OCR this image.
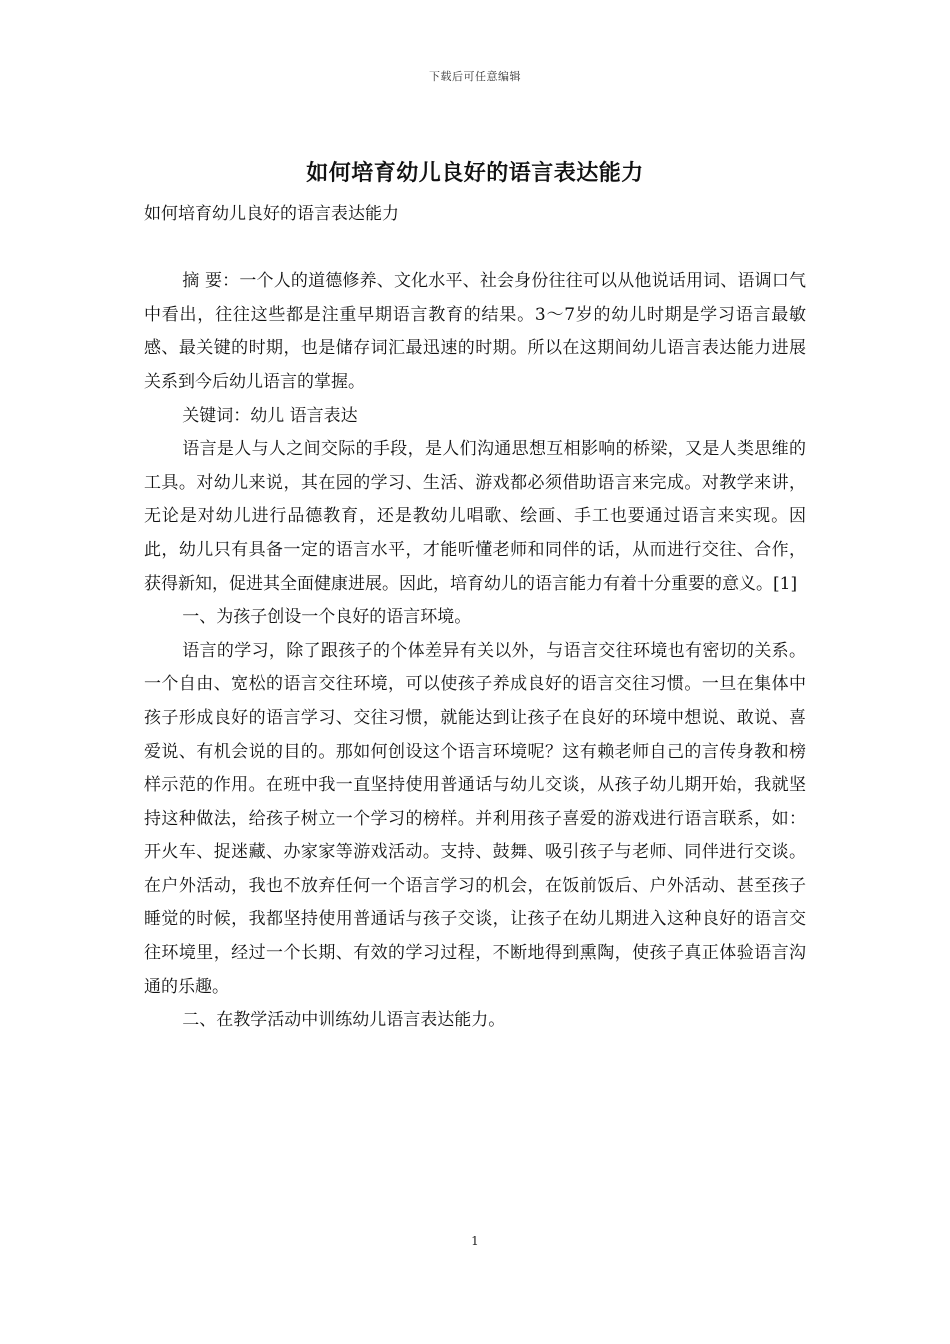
下载后可任意编辑
如何培育幼儿良好的语言表达能力

如何培育幼儿良好的语言表达能力

摘 要：一个人的道德修养、文化水平、社会身份往往可以从他说话用词、语调口气中看出，往往这些都是注重早期语言教育的结果。3～7岁的幼儿时期是学习语言最敏感、最关键的时期，也是储存词汇最迅速的时期。所以在这期间幼儿语言表达能力进展关系到今后幼儿语言的掌握。

关键词：幼儿 语言表达

语言是人与人之间交际的手段，是人们沟通思想互相影响的桥梁，又是人类思维的工具。对幼儿来说，其在园的学习、生活、游戏都必须借助语言来完成。对教学来讲，无论是对幼儿进行品德教育，还是教幼儿唱歌、绘画、手工也要通过语言来实现。因此，幼儿只有具备一定的语言水平，才能听懂老师和同伴的话，从而进行交往、合作，获得新知，促进其全面健康进展。因此，培育幼儿的语言能力有着十分重要的意义。[1]

一、为孩子创设一个良好的语言环境。

语言的学习，除了跟孩子的个体差异有关以外，与语言交往环境也有密切的关系。一个自由、宽松的语言交往环境，可以使孩子养成良好的语言交往习惯。一旦在集体中孩子形成良好的语言学习、交往习惯，就能达到让孩子在良好的环境中想说、敢说、喜爱说、有机会说的目的。那如何创设这个语言环境呢？这有赖老师自己的言传身教和榜样示范的作用。在班中我一直坚持使用普通话与幼儿交谈，从孩子幼儿期开始，我就坚持这种做法，给孩子树立一个学习的榜样。并利用孩子喜爱的游戏进行语言联系，如：开火车、捉迷藏、办家家等游戏活动。支持、鼓舞、吸引孩子与老师、同伴进行交谈。在户外活动，我也不放弃任何一个语言学习的机会，在饭前饭后、户外活动、甚至孩子睡觉的时候，我都坚持使用普通话与孩子交谈，让孩子在幼儿期进入这种良好的语言交往环境里，经过一个长期、有效的学习过程，不断地得到熏陶，使孩子真正体验语言沟通的乐趣。

二、在教学活动中训练幼儿语言表达能力。

1
